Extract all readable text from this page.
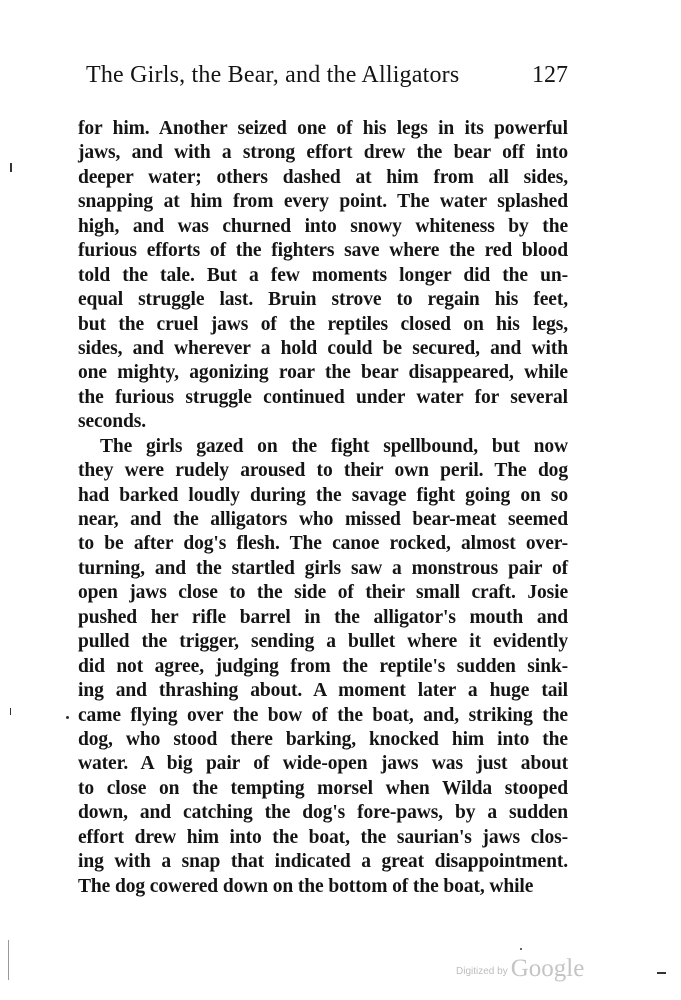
The Girls, the Bear, and the Alligators	127
for him. Another seized one of his legs in its powerful
jaws, and with a strong effort drew the bear off into
deeper water; others dashed at him from all sides,
snapping at him from every point. The water splashed
high, and was churned into snowy whiteness by the
furious efforts of the fighters save where the red blood
told the tale. But a few moments longer did the un-
equal struggle last. Bruin strove to regain his feet,
but the cruel jaws of the reptiles closed on his legs,
sides, and wherever a hold could be secured, and with
one mighty, agonizing roar the bear disappeared, while
the furious struggle continued under water for several
seconds.
The girls gazed on the fight spellbound, but now
they were rudely aroused to their own peril. The dog
had barked loudly during the savage fight going on so
near, and the alligators who missed bear-meat seemed
to be after dog's flesh. The canoe rocked, almost over-
turning, and the startled girls saw a monstrous pair of
open jaws close to the side of their small craft. Josie
pushed her rifle barrel in the alligator's mouth and
pulled the trigger, sending a bullet where it evidently
did not agree, judging from the reptile's sudden sink-
ing and thrashing about. A moment later a huge tail
came flying over the bow of the boat, and, striking the
dog, who stood there barking, knocked him into the
water. A big pair of wide-open jaws was just about
to close on the tempting morsel when Wilda stooped
down, and catching the dog's fore-paws, by a sudden
effort drew him into the boat, the saurian's jaws clos-
ing with a snap that indicated a great disappointment.
The dog cowered down on the bottom of the boat, while
Digitized by Google
